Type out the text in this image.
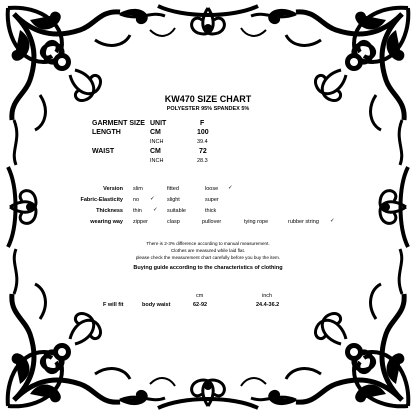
KW470 SIZE CHART
POLYESTER 95% SPANDEX 5%
GARMENT SIZE UNIT	F
LENGTH	CM	100
INCH	39.4
WAIST	CM	72
INCH	28.3
Version slim	fitted	loose ✓
Fabric-Elasticity no ✓ slight	super
Thickness thin ✓ suitable	thick
wearing way zipper	clasp	pullover	tying rope	rubber string ✓
There is 2-3% difference according to manual measurement.
Clothes are measured while laid flat.
please check the measurement chart carefully before you buy the item.
Buying guide according to the characteristics of clothing
cm	inch
F will fit	body waist	62-92	24.4-36.2
